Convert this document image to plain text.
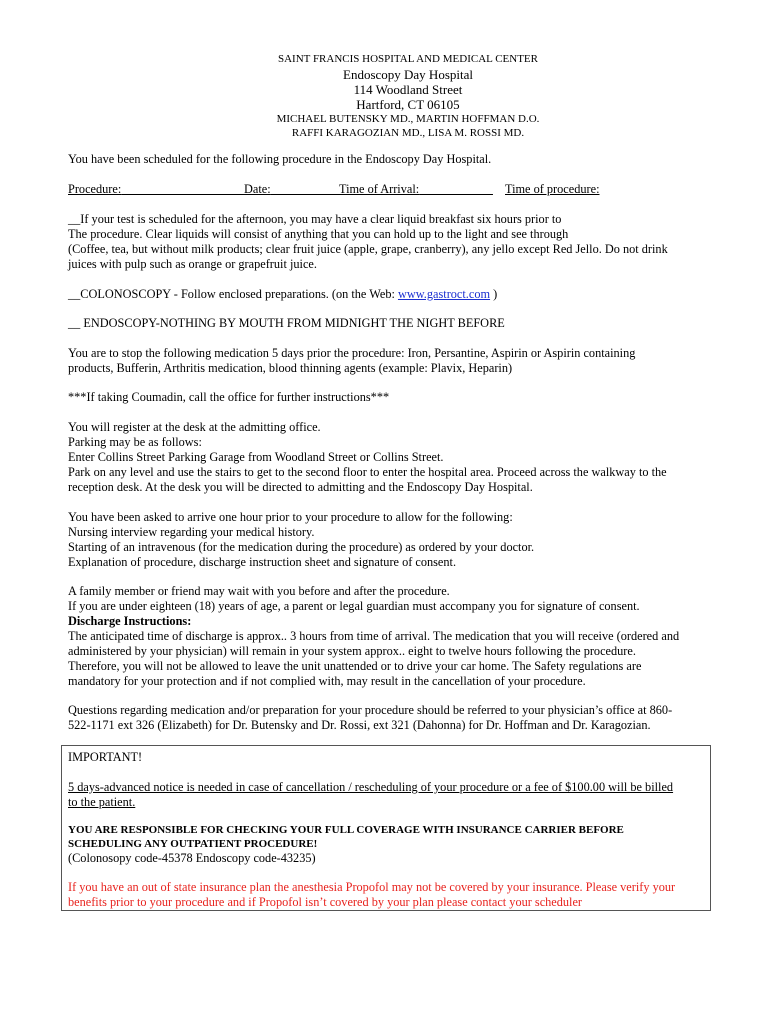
SAINT FRANCIS HOSPITAL AND MEDICAL CENTER
Endoscopy Day Hospital
114 Woodland Street
Hartford, CT 06105
MICHAEL BUTENSKY MD., MARTIN HOFFMAN D.O.
RAFFI KARAGOZIAN MD., LISA M. ROSSI MD.
You have been scheduled for the following procedure in the Endoscopy Day Hospital.
Procedure:	Date:	Time of Arrival:	Time of procedure:
__If your test is scheduled for the afternoon, you may have a clear liquid breakfast six hours prior to
The procedure. Clear liquids will consist of anything that you can hold up to the light and see through
(Coffee, tea, but without milk products; clear fruit juice (apple, grape, cranberry), any jello except Red Jello. Do not drink
juices with pulp such as orange or grapefruit juice.
__COLONOSCOPY - Follow enclosed preparations. (on the Web: www.gastroct.com )
__ ENDOSCOPY-NOTHING BY MOUTH FROM MIDNIGHT THE NIGHT BEFORE
You are to stop the following medication 5 days prior the procedure: Iron, Persantine, Aspirin or Aspirin containing
products, Bufferin, Arthritis medication, blood thinning agents (example: Plavix, Heparin)
***If taking Coumadin, call the office for further instructions***
You will register at the desk at the admitting office.
Parking may be as follows:
Enter Collins Street Parking Garage from Woodland Street or Collins Street.
Park on any level and use the stairs to get to the second floor to enter the hospital area. Proceed across the walkway to the
reception desk. At the desk you will be directed to admitting and the Endoscopy Day Hospital.
You have been asked to arrive one hour prior to your procedure to allow for the following:
Nursing interview regarding your medical history.
Starting of an intravenous (for the medication during the procedure) as ordered by your doctor.
Explanation of procedure, discharge instruction sheet and signature of consent.
A family member or friend may wait with you before and after the procedure.
If you are under eighteen (18) years of age, a parent or legal guardian must accompany you for signature of consent.
Discharge Instructions:
The anticipated time of discharge is approx.. 3 hours from time of arrival. The medication that you will receive (ordered and
administered by your physician) will remain in your system approx.. eight to twelve hours following the procedure.
Therefore, you will not be allowed to leave the unit unattended or to drive your car home. The Safety regulations are
mandatory for your protection and if not complied with, may result in the cancellation of your procedure.
Questions regarding medication and/or preparation for your procedure should be referred to your physician’s office at 860-
522-1171 ext 326 (Elizabeth) for Dr. Butensky and Dr. Rossi, ext 321 (Dahonna) for Dr. Hoffman and Dr. Karagozian.
IMPORTANT!
5 days-advanced notice is needed in case of cancellation / rescheduling of your procedure or a fee of $100.00 will be billed
to the patient.
YOU ARE RESPONSIBLE FOR CHECKING YOUR FULL COVERAGE WITH INSURANCE CARRIER BEFORE
SCHEDULING ANY OUTPATIENT PROCEDURE!
(Colonosopy code-45378 Endoscopy code-43235)
If you have an out of state insurance plan the anesthesia Propofol may not be covered by your insurance. Please verify your
benefits prior to your procedure and if Propofol isn’t covered by your plan please contact your scheduler
